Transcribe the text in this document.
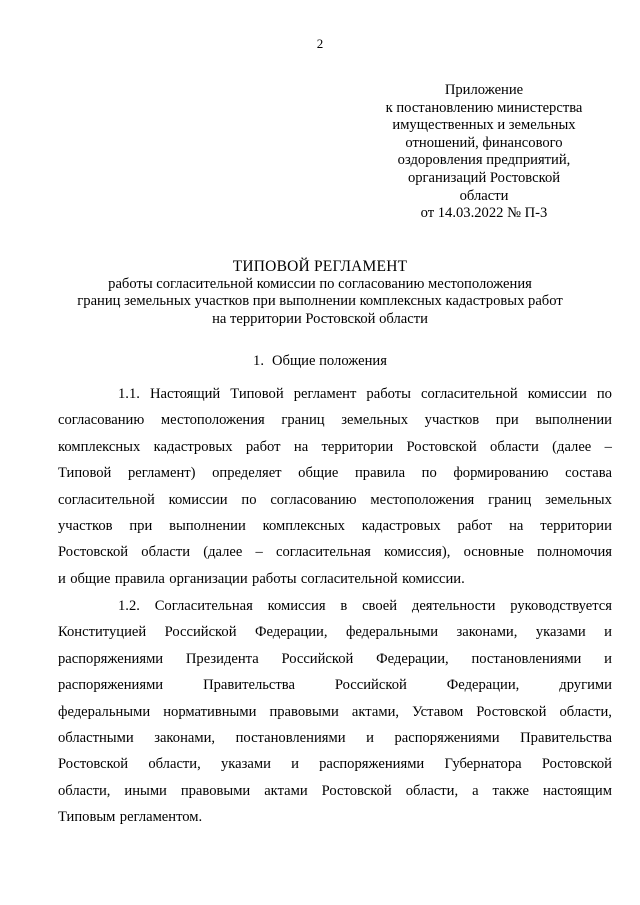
2
Приложение
к постановлению министерства
имущественных и земельных
отношений, финансового
оздоровления предприятий,
организаций Ростовской
области
от 14.03.2022 № П-3
ТИПОВОЙ РЕГЛАМЕНТ
работы согласительной комиссии по согласованию местоположения
границ земельных участков при выполнении комплексных кадастровых работ
на территории Ростовской области
1. Общие положения
1.1. Настоящий Типовой регламент работы согласительной комиссии по
согласованию местоположения границ земельных участков при выполнении
комплексных кадастровых работ на территории Ростовской области (далее –
Типовой регламент) определяет общие правила по формированию состава
согласительной комиссии по согласованию местоположения границ земельных
участков при выполнении комплексных кадастровых работ на территории
Ростовской области (далее – согласительная комиссия), основные полномочия
и общие правила организации работы согласительной комиссии.
1.2. Согласительная комиссия в своей деятельности руководствуется
Конституцией Российской Федерации, федеральными законами, указами и
распоряжениями Президента Российской Федерации, постановлениями и
распоряжениями	Правительства	Российской	Федерации,	другими
федеральными нормативными правовыми актами, Уставом Ростовской области,
областными законами, постановлениями и распоряжениями Правительства
Ростовской области, указами и распоряжениями Губернатора Ростовской
области, иными правовыми актами Ростовской области, а также настоящим
Типовым регламентом.
